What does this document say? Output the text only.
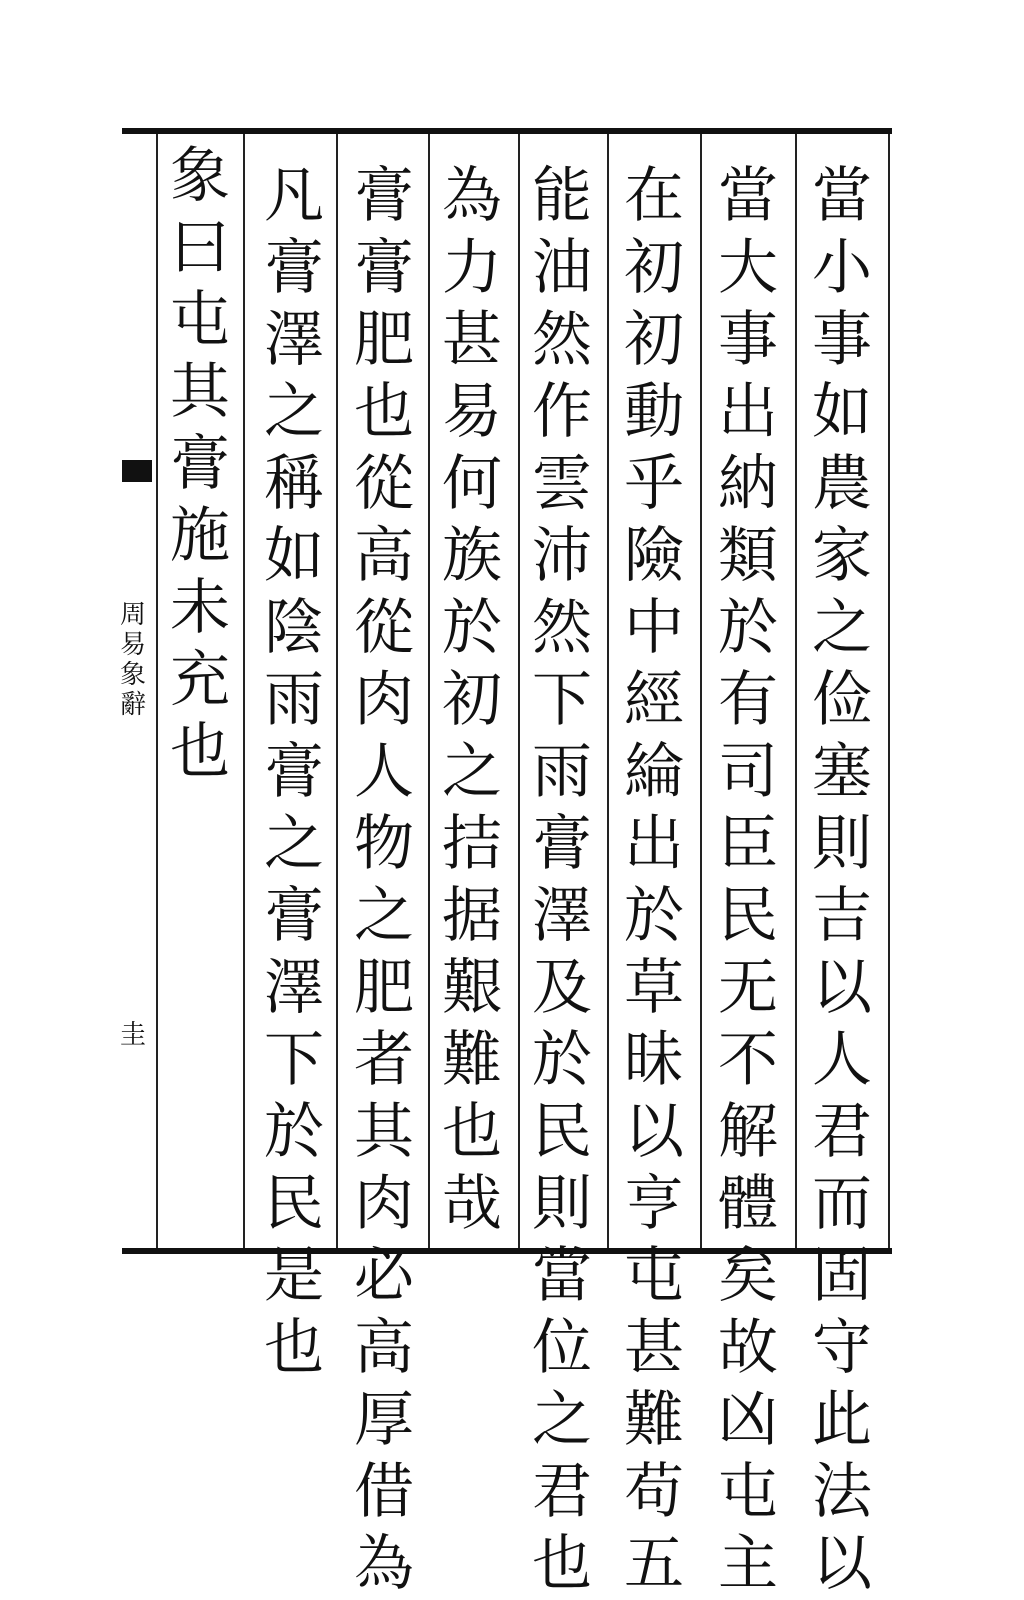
周
易
象
辭
圭
當
小
事
如
農
家
之
俭
塞
則
吉
以
人
君
而
固
守
此
法
以
當
大
事
出
納
類
於
有
司
臣
民
无
不
解
體
矣
故
凶
屯
主
在
初
初
動
乎
險
中
經
綸
出
於
草
昧
以
亨
屯
甚
難
苟
五
能
油
然
作
雲
沛
然
下
雨
膏
澤
及
於
民
則
當
位
之
君
也
為
力
甚
易
何
族
於
初
之
拮
据
艱
難
也
哉
膏
膏
肥
也
從
高
從
肉
人
物
之
肥
者
其
肉
必
高
厚
借
為
凡
膏
澤
之
稱
如
陰
雨
膏
之
膏
澤
下
於
民
是
也
象
曰
屯
其
膏
施
未
充
也
